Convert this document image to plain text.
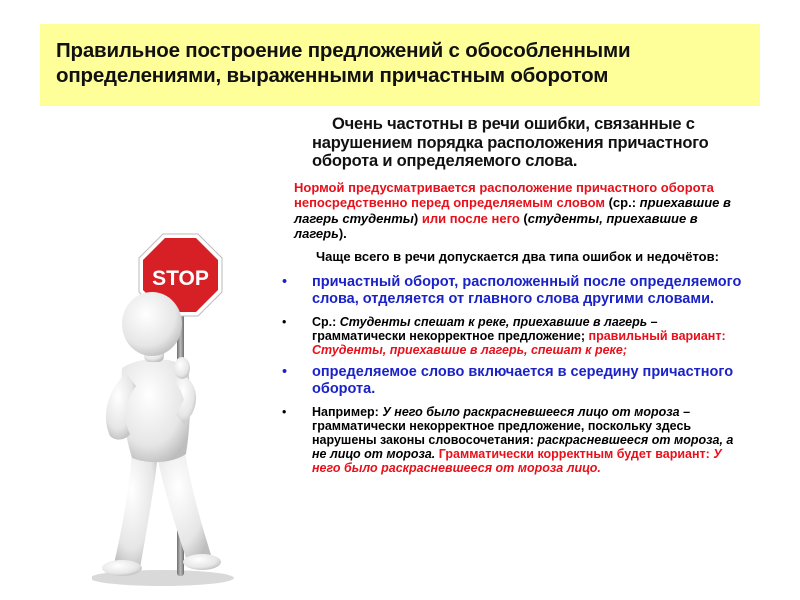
Правильное построение предложений с обособленными
определениями, выраженными причастным оборотом
STOP

Очень частотны в речи ошибки, связанные с нарушением порядка расположения причастного оборота и определяемого слова.

Нормой предусматривается расположение причастного оборота непосредственно перед определяемым словом (ср.: приехавшие в лагерь студенты) или после него (студенты, приехавшие в лагерь).

Чаще всего в речи допускается два типа ошибок и недочётов:

• причастный оборот, расположенный после определяемого слова, отделяется от главного слова другими словами.
• Ср.: Студенты спешат к реке, приехавшие в лагерь – грамматически некорректное предложение; правильный вариант: Студенты, приехавшие в лагерь, спешат к реке;
• определяемое слово включается в середину причастного оборота.
• Например: У него было раскрасневшееся лицо от мороза – грамматически некорректное предложение, поскольку здесь нарушены законы словосочетания: раскрасневшееся от мороза, а не лицо от мороза. Грамматически корректным будет вариант: У него было раскрасневшееся от мороза лицо.
